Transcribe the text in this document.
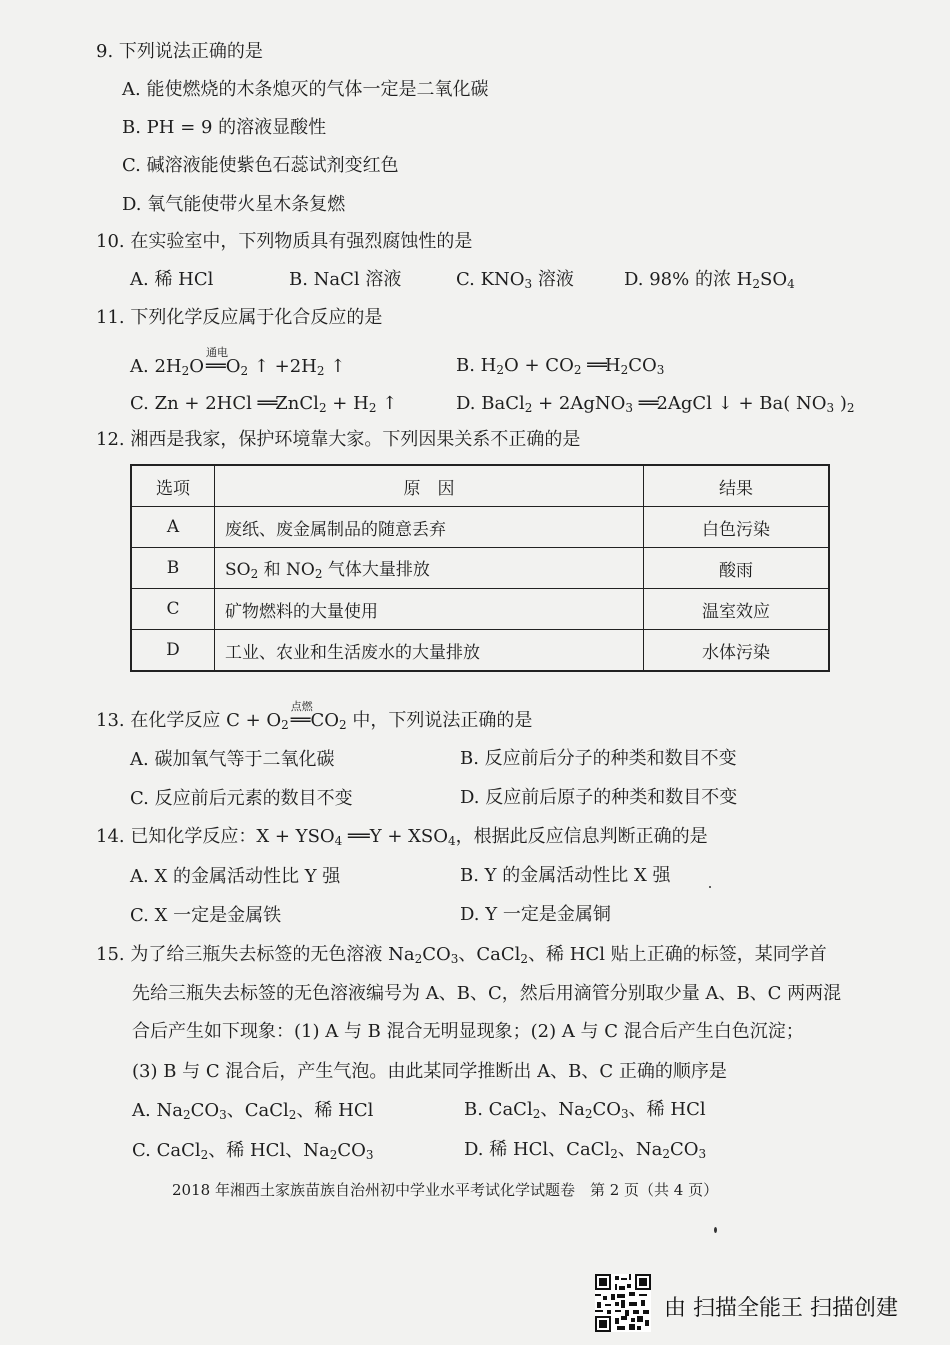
9. 下列说法正确的是
A. 能使燃烧的木条熄灭的气体一定是二氧化碳
B. PH = 9 的溶液显酸性
C. 碱溶液能使紫色石蕊试剂变红色
D. 氧气能使带火星木条复燃
10. 在实验室中，下列物质具有强烈腐蚀性的是
A. 稀 HCl	B. NaCl 溶液	C. $KNO_3$ 溶液	D. 98% 的浓 $H_2SO_4$
11. 下列化学反应属于化合反应的是
A. $2H_2O$
通电
══ $O_2$ ↑ $+2H_2$ ↑	B. $H_2O + CO_2$ $══H_2CO_3$
C. Zn + 2HCl ══ZnCl$_2$ + $H_2$ ↑	D. BaCl$_2$ + 2AgNO$_3$ ══2AgCl ↓ + Ba( $NO_3$ )$_2$
12. 湘西是我家，保护环境靠大家。下列因果关系不正确的是
选项	原　因	结果
A	废纸、废金属制品的随意丢弃	白色污染
B	$SO_2$ 和 $NO_2$ 气体大量排放	酸雨
C	矿物燃料的大量使用	温室效应
D	工业、农业和生活废水的大量排放	水体污染
13. 在化学反应 $C + O_2$
点燃
══ $CO_2$ 中，下列说法正确的是
A. 碳加氧气等于二氧化碳	B. 反应前后分子的种类和数目不变
C. 反应前后元素的数目不变	D. 反应前后原子的种类和数目不变
14. 已知化学反应：$X + YSO_4$ ══Y + $XSO_4$，根据此反应信息判断正确的是
A. X 的金属活动性比 Y 强	B. Y 的金属活动性比 X 强
C. X 一定是金属铁	D. Y 一定是金属铜
15. 为了给三瓶失去标签的无色溶液 $Na_2CO_3$、CaCl$_2$、稀 HCl 贴上正确的标签，某同学首
先给三瓶失去标签的无色溶液编号为 A、B、C，然后用滴管分别取少量 A、B、C 两两混
合后产生如下现象：(1) A 与 B 混合无明显现象；(2) A 与 C 混合后产生白色沉淀；
(3) B 与 C 混合后，产生气泡。由此某同学推断出 A、B、C 正确的顺序是
A. $Na_2CO_3$、CaCl$_2$、稀 HCl	B. CaCl$_2$、$Na_2CO_3$、稀 HCl
C. CaCl$_2$、稀 HCl、$Na_2CO_3$	D. 稀 HCl、CaCl$_2$、$Na_2CO_3$
2018 年湘西土家族苗族自治州初中学业水平考试化学试题卷　第 2 页（共 4 页）
由 扫描全能王 扫描创建
